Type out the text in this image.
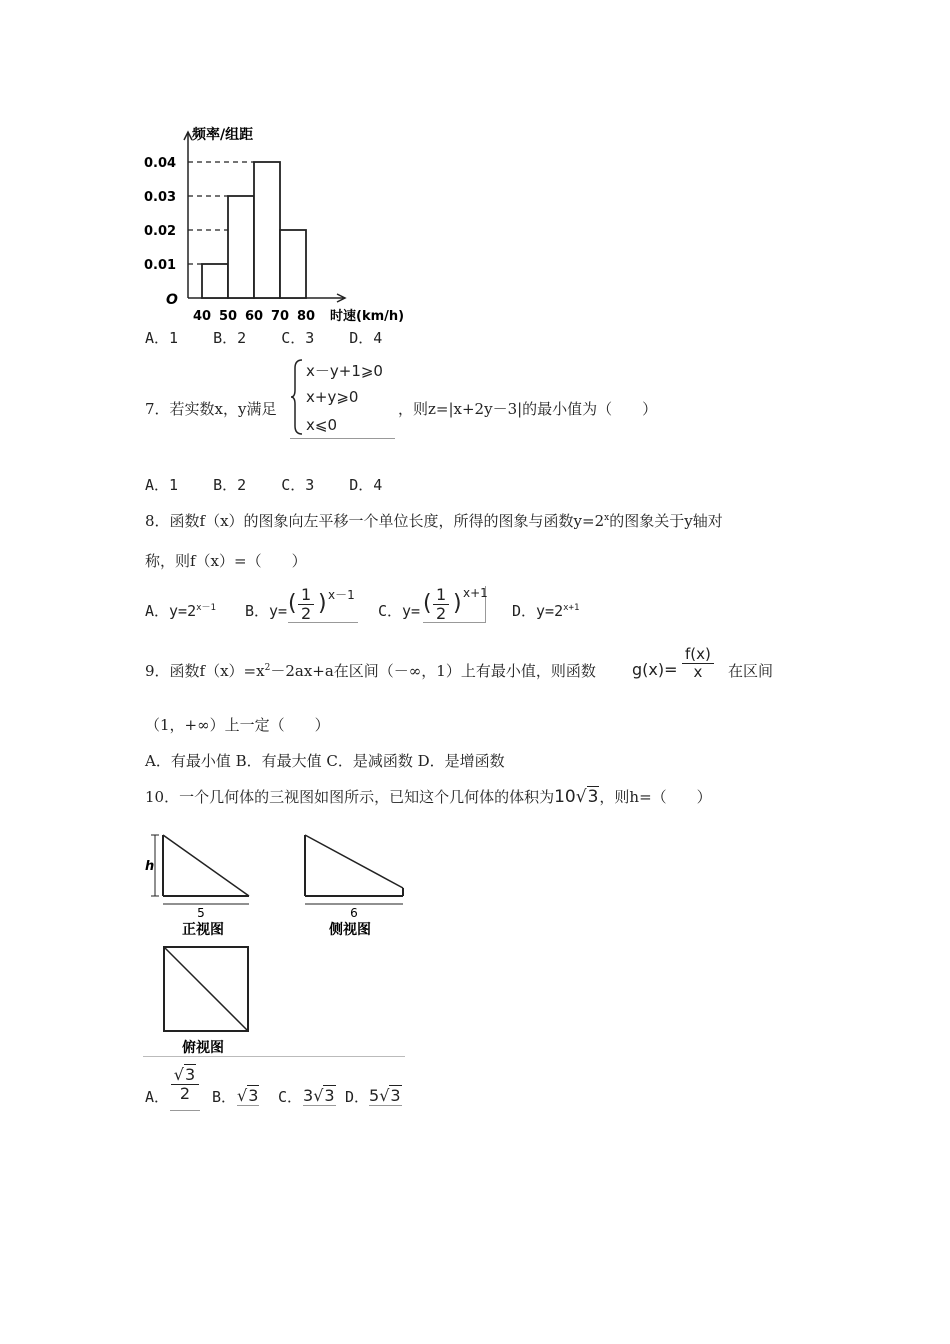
频率/组距
时速(km/h)
O
0.01
0.02
0.03
0.04
40 50 60 70 80
A．1 B．2 C．3 D．4
7．若实数x，y满足
x－y+1⩾0
x+y⩾0
x⩽0
，则z=|x+2y－3|的最小值为（　　）
A．1 B．2 C．3 D．4
8．函数f（x）的图象向左平移一个单位长度，所得的图象与函数$y=2^x$的图象关于y轴对
称，则f（x）=（　　）
A．$y=2^{x-1}$ B．y= ( $\frac{1}{2}$ ) x－1
C．y= ( $\frac{1}{2}$ ) x+1
D．$y=2^{x+1}$
9．函数$f(x)=x^2-2ax+a$在区间（－∞，1）上有最小值，则函数 $g(x)= \frac{f(x)}{x}$ 在区间
（1，+∞）上一定（　　）
A．有最小值 B．有最大值 C．是减函数 D．是增函数
10．一个几何体的三视图如图所示，已知这个几何体的体积为10√3，则h=（　　）
h
5
正视图
6
侧视图
俯视图
A． $\frac{√3}{2}$ B． √3 C． 3√3 D． 5√3
